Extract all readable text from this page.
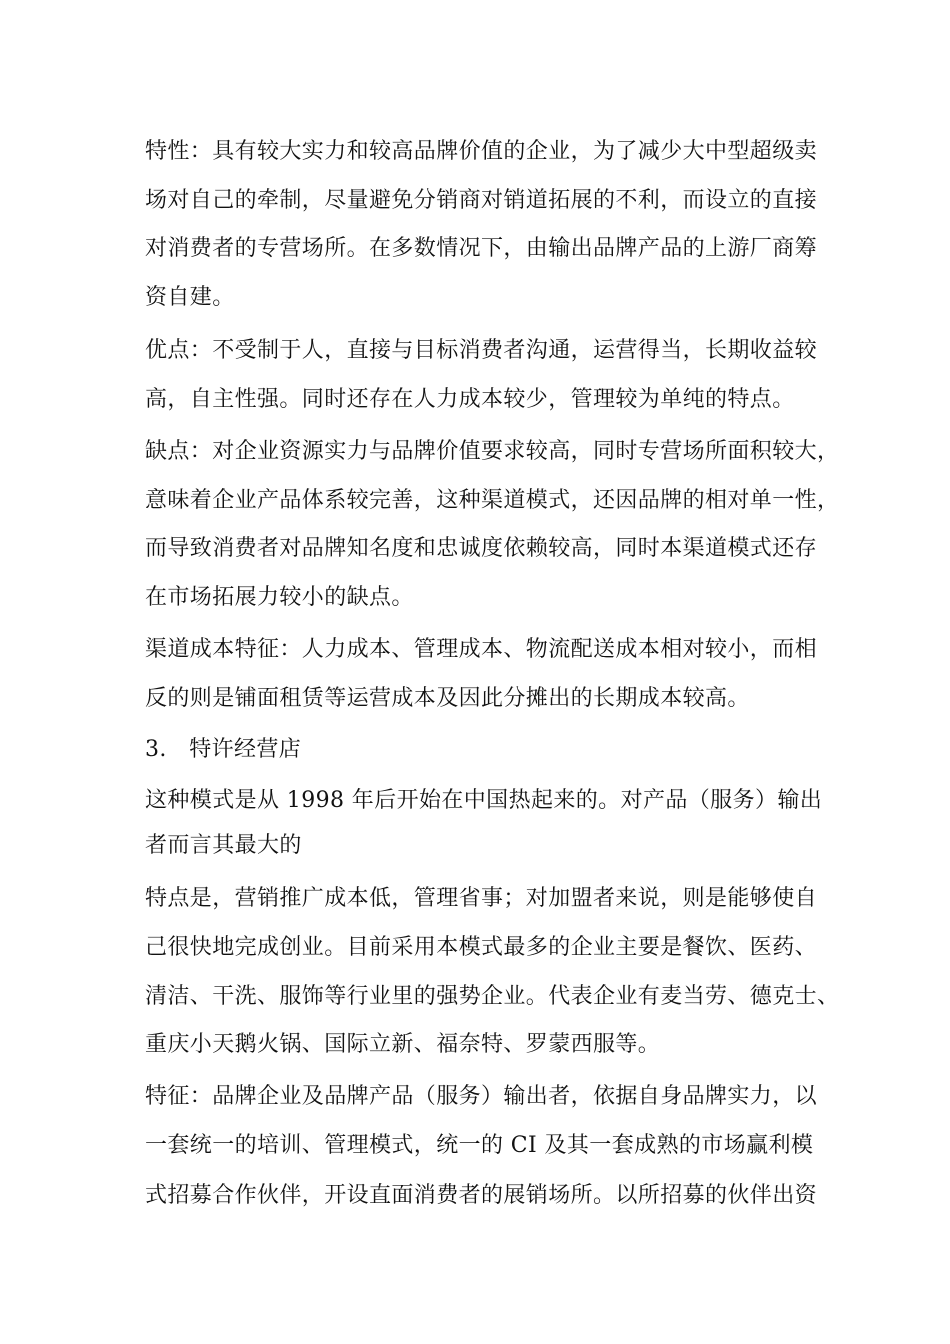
特性：具有较大实力和较高品牌价值的企业，为了减少大中型超级卖
场对自己的牵制，尽量避免分销商对销道拓展的不利，而设立的直接
对消费者的专营场所。在多数情况下，由输出品牌产品的上游厂商筹
资自建。
优点：不受制于人，直接与目标消费者沟通，运营得当，长期收益较
高，自主性强。同时还存在人力成本较少，管理较为单纯的特点。
缺点：对企业资源实力与品牌价值要求较高，同时专营场所面积较大，
意味着企业产品体系较完善，这种渠道模式，还因品牌的相对单一性，
而导致消费者对品牌知名度和忠诚度依赖较高，同时本渠道模式还存
在市场拓展力较小的缺点。
渠道成本特征：人力成本、管理成本、物流配送成本相对较小，而相
反的则是铺面租赁等运营成本及因此分摊出的长期成本较高。
3.　特许经营店
这种模式是从 1998 年后开始在中国热起来的。对产品（服务）输出
者而言其最大的
特点是，营销推广成本低，管理省事；对加盟者来说，则是能够使自
己很快地完成创业。目前采用本模式最多的企业主要是餐饮、医药、
清洁、干洗、服饰等行业里的强势企业。代表企业有麦当劳、德克士、
重庆小天鹅火锅、国际立新、福奈特、罗蒙西服等。
特征：品牌企业及品牌产品（服务）输出者，依据自身品牌实力，以
一套统一的培训、管理模式，统一的 CI 及其一套成熟的市场赢利模
式招募合作伙伴，开设直面消费者的展销场所。以所招募的伙伴出资
